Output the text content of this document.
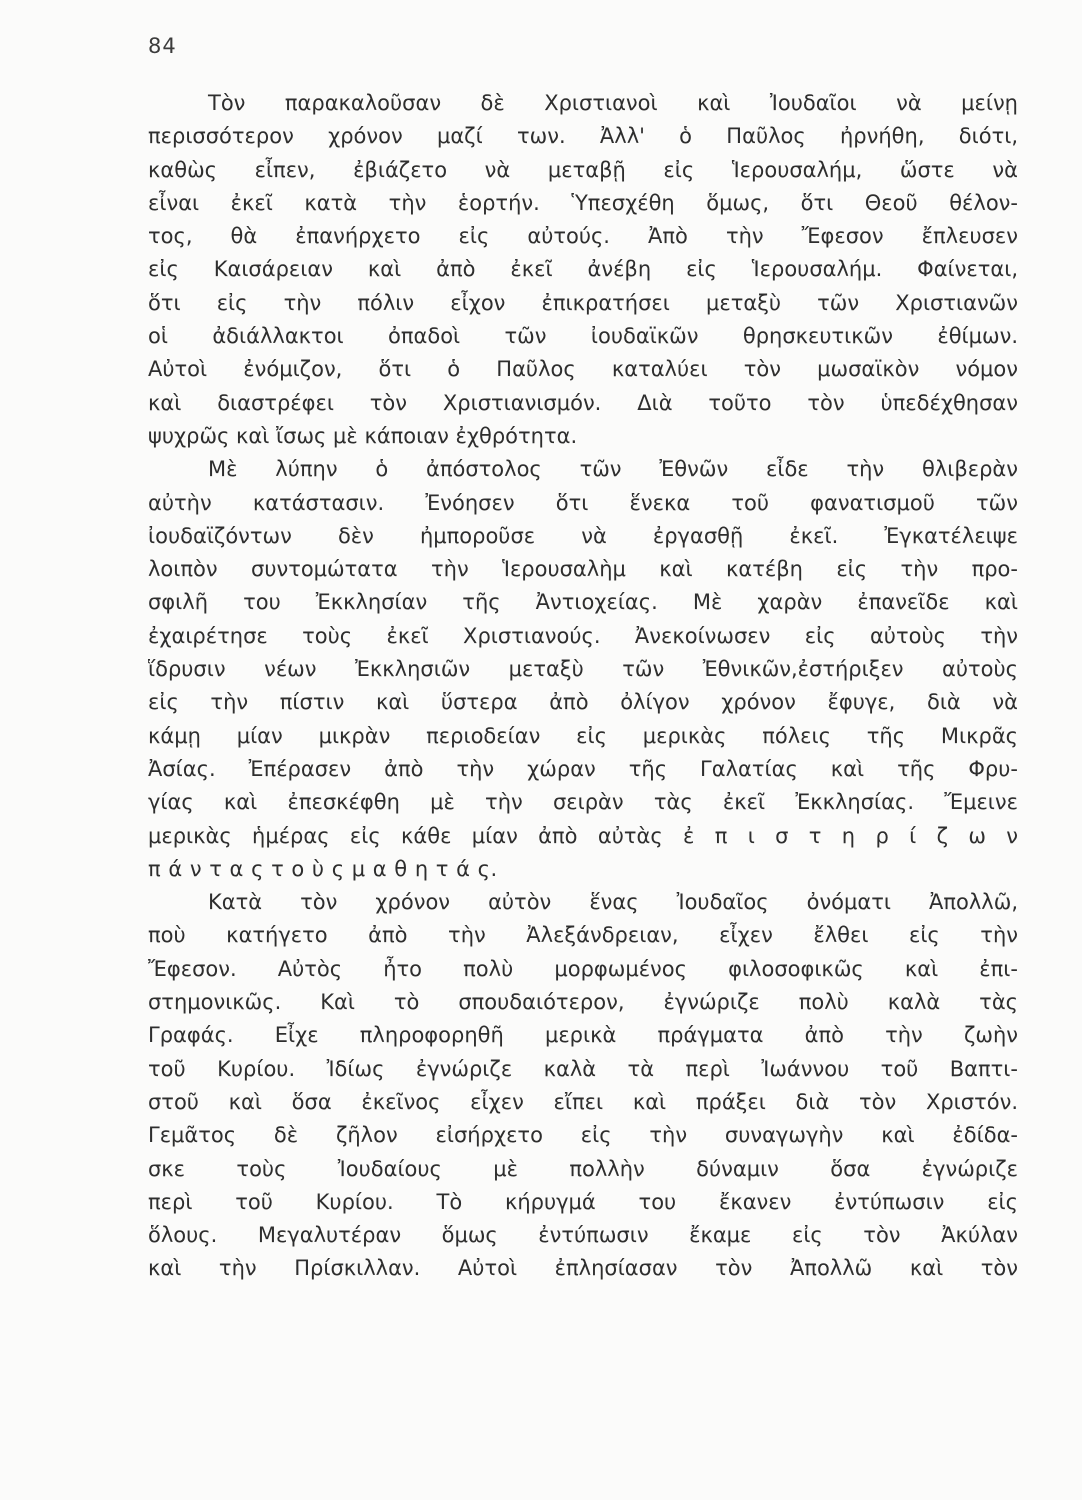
84
Τὸν παρακαλοῦσαν δὲ Χριστιανοὶ καὶ Ἰουδαῖοι νὰ μείνῃ
περισσότερον χρόνον μαζί των. Ἀλλ' ὁ Παῦλος ἠρνήθη, διότι,
καθὼς εἶπεν, ἐβιάζετο νὰ μεταβῇ εἰς Ἱερουσαλήμ, ὥστε νὰ
εἶναι ἐκεῖ κατὰ τὴν ἑορτήν. Ὑπεσχέθη ὅμως, ὅτι Θεοῦ θέλον-
τος, θὰ ἐπανήρχετο εἰς αὐτούς. Ἀπὸ τὴν Ἔφεσον ἔπλευσεν
εἰς Καισάρειαν καὶ ἀπὸ ἐκεῖ ἀνέβη εἰς Ἱερουσαλήμ. Φαίνεται,
ὅτι εἰς τὴν πόλιν εἶχον ἐπικρατήσει μεταξὺ τῶν Χριστιανῶν
οἱ ἀδιάλλακτοι ὀπαδοὶ τῶν ἰουδαϊκῶν θρησκευτικῶν ἐθίμων.
Αὐτοὶ ἐνόμιζον, ὅτι ὁ Παῦλος καταλύει τὸν μωσαϊκὸν νόμον
καὶ διαστρέφει τὸν Χριστιανισμόν. Διὰ τοῦτο τὸν ὑπεδέχθησαν
ψυχρῶς καὶ ἴσως μὲ κάποιαν ἐχθρότητα.
Μὲ λύπην ὁ ἀπόστολος τῶν Ἐθνῶν εἶδε τὴν θλιβερὰν
αὐτὴν κατάστασιν. Ἐνόησεν ὅτι ἕνεκα τοῦ φανατισμοῦ τῶν
ἰουδαϊζόντων δὲν ἠμποροῦσε νὰ ἐργασθῇ ἐκεῖ. Ἐγκατέλειψε
λοιπὸν συντομώτατα τὴν Ἱερουσαλὴμ καὶ κατέβη εἰς τὴν προ-
σφιλῆ του Ἐκκλησίαν τῆς Ἀντιοχείας. Μὲ χαρὰν ἐπανεῖδε καὶ
ἐχαιρέτησε τοὺς ἐκεῖ Χριστιανούς. Ἀνεκοίνωσεν εἰς αὐτοὺς τὴν
ἵδρυσιν νέων Ἐκκλησιῶν μεταξὺ τῶν Ἐθνικῶν,ἐστήριξεν αὐτοὺς
εἰς τὴν πίστιν καὶ ὕστερα ἀπὸ ὀλίγον χρόνον ἔφυγε, διὰ νὰ
κάμῃ μίαν μικρὰν περιοδείαν εἰς μερικὰς πόλεις τῆς Μικρᾶς
Ἀσίας. Ἐπέρασεν ἀπὸ τὴν χώραν τῆς Γαλατίας καὶ τῆς Φρυ-
γίας καὶ ἐπεσκέφθη μὲ τὴν σειρὰν τὰς ἐκεῖ Ἐκκλησίας. Ἔμεινε
μερικὰς ἡμέρας εἰς κάθε μίαν ἀπὸ αὐτὰς ἐ π ι σ τ η ρ ί ζ ω ν
π ά ν τ α ς τ ο ὺ ς μ α θ η τ ά ς.
Κατὰ τὸν χρόνον αὐτὸν ἕνας Ἰουδαῖος ὀνόματι Ἀπολλῶ,
ποὺ κατήγετο ἀπὸ τὴν Ἀλεξάνδρειαν, εἶχεν ἔλθει εἰς τὴν
Ἔφεσον. Αὐτὸς ἦτο πολὺ μορφωμένος φιλοσοφικῶς καὶ ἐπι-
στημονικῶς. Καὶ τὸ σπουδαιότερον, ἐγνώριζε πολὺ καλὰ τὰς
Γραφάς. Εἶχε πληροφορηθῆ μερικὰ πράγματα ἀπὸ τὴν ζωὴν
τοῦ Κυρίου. Ἰδίως ἐγνώριζε καλὰ τὰ περὶ Ἰωάννου τοῦ Βαπτι-
στοῦ καὶ ὅσα ἐκεῖνος εἶχεν εἴπει καὶ πράξει διὰ τὸν Χριστόν.
Γεμᾶτος δὲ ζῆλον εἰσήρχετο εἰς τὴν συναγωγὴν καὶ ἐδίδα-
σκε τοὺς Ἰουδαίους μὲ πολλὴν δύναμιν ὅσα ἐγνώριζε
περὶ τοῦ Κυρίου. Τὸ κήρυγμά του ἔκανεν ἐντύπωσιν εἰς
ὅλους. Μεγαλυτέραν ὅμως ἐντύπωσιν ἔκαμε εἰς τὸν Ἀκύλαν
καὶ τὴν Πρίσκιλλαν. Αὐτοὶ ἐπλησίασαν τὸν Ἀπολλῶ καὶ τὸν
